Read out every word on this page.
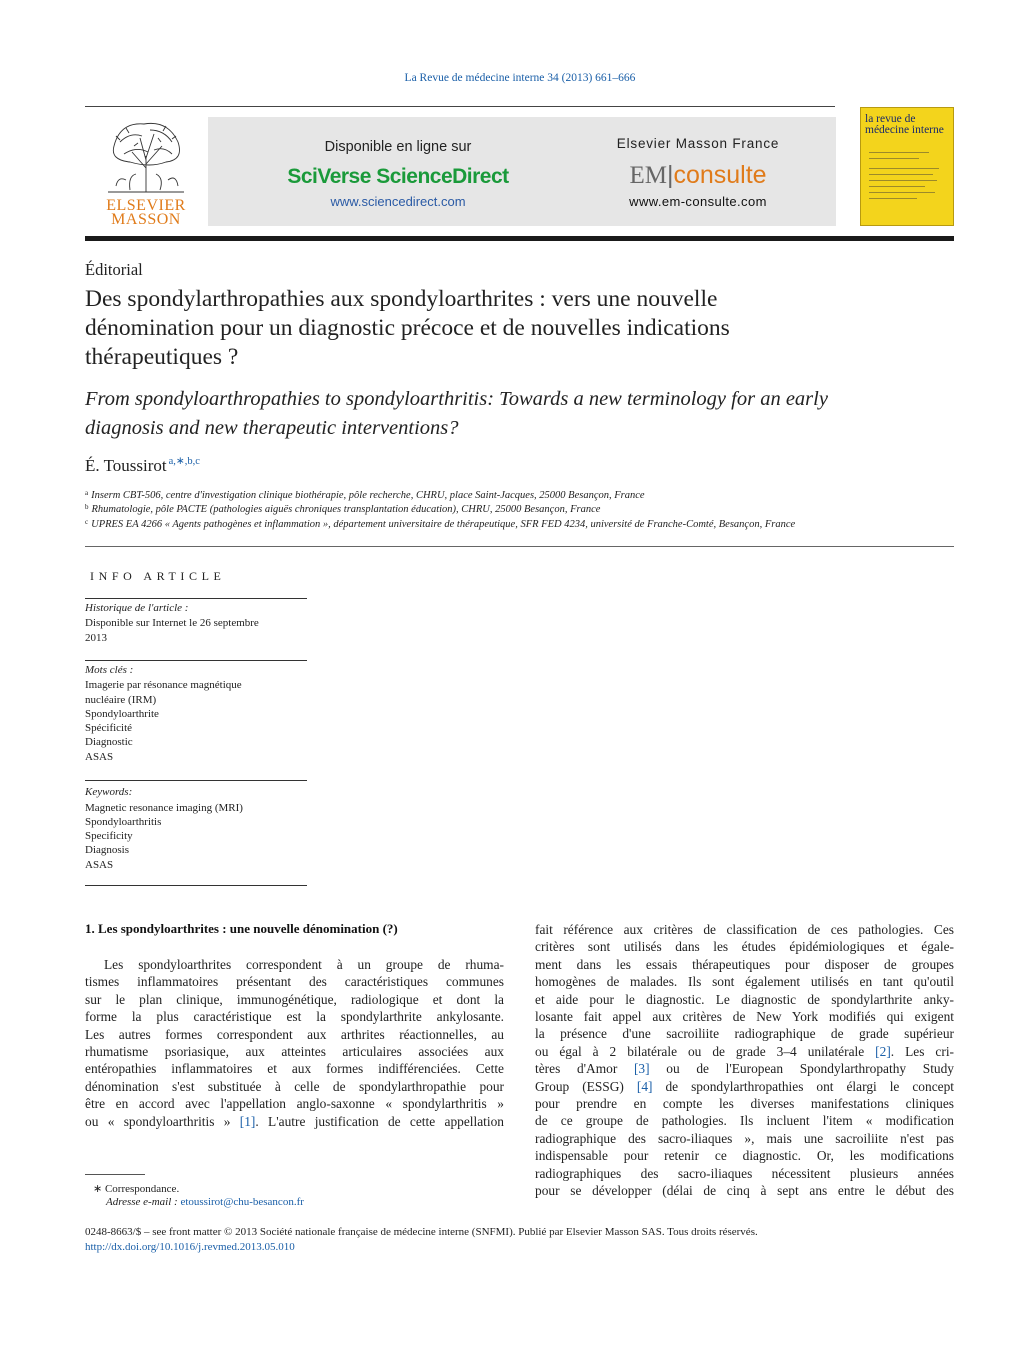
La Revue de médecine interne 34 (2013) 661–666
ELSEVIER
MASSON
Disponible en ligne sur
SciVerse ScienceDirect
www.sciencedirect.com
Elsevier Masson France
EM|consulte
www.em-consulte.com
la revue de médecine interne
Éditorial
Des spondylarthropathies aux spondyloarthrites : vers une nouvelle
dénomination pour un diagnostic précoce et de nouvelles indications
thérapeutiques ?
From spondyloarthropathies to spondyloarthritis: Towards a new terminology for an early
diagnosis and new therapeutic interventions?
É. Toussirot $^{a,∗,b,c}$
$^a$ Inserm CBT-506, centre d'investigation clinique biothérapie, pôle recherche, CHRU, place Saint-Jacques, 25000 Besançon, France
$^b$ Rhumatologie, pôle PACTE (pathologies aiguës chroniques transplantation éducation), CHRU, 25000 Besançon, France
$^c$ UPRES EA 4266 « Agents pathogènes et inflammation », département universitaire de thérapeutique, SFR FED 4234, université de Franche-Comté, Besançon, France
INFO ARTICLE
Historique de l'article :
Disponible sur Internet le 26 septembre
2013
Mots clés :
Imagerie par résonance magnétique
nucléaire (IRM)
Spondyloarthrite
Spécificité
Diagnostic
ASAS
Keywords:
Magnetic resonance imaging (MRI)
Spondyloarthritis
Specificity
Diagnosis
ASAS
1. Les spondyloarthrites : une nouvelle dénomination (?)
Les spondyloarthrites correspondent à un groupe de rhuma-
tismes inflammatoires présentant des caractéristiques communes
sur le plan clinique, immunogénétique, radiologique et dont la
forme la plus caractéristique est la spondylarthrite ankylosante.
Les autres formes correspondent aux arthrites réactionnelles, au
rhumatisme psoriasique, aux atteintes articulaires associées aux
entéropathies inflammatoires et aux formes indifférenciées. Cette
dénomination s'est substituée à celle de spondylarthropathie pour
être en accord avec l'appellation anglo-saxonne « spondylarthritis »
ou « spondyloarthritis » [1]. L'autre justification de cette appellation
fait référence aux critères de classification de ces pathologies. Ces
critères sont utilisés dans les études épidémiologiques et égale-
ment dans les essais thérapeutiques pour disposer de groupes
homogènes de malades. Ils sont également utilisés en tant qu'outil
et aide pour le diagnostic. Le diagnostic de spondylarthrite anky-
losante fait appel aux critères de New York modifiés qui exigent
la présence d'une sacroiliite radiographique de grade supérieur
ou égal à 2 bilatérale ou de grade 3–4 unilatérale [2]. Les cri-
tères d'Amor [3] ou de l'European Spondylarthropathy Study
Group (ESSG) [4] de spondylarthropathies ont élargi le concept
pour prendre en compte les diverses manifestations cliniques
de ce groupe de pathologies. Ils incluent l'item « modification
radiographique des sacro-iliaques », mais une sacroiliite n'est pas
indispensable pour retenir ce diagnostic. Or, les modifications
radiographiques des sacro-iliaques nécessitent plusieurs années
pour se développer (délai de cinq à sept ans entre le début des
∗ Correspondance.
Adresse e-mail : etoussirot@chu-besancon.fr
0248-8663/$ – see front matter © 2013 Société nationale française de médecine interne (SNFMI). Publié par Elsevier Masson SAS. Tous droits réservés.
http://dx.doi.org/10.1016/j.revmed.2013.05.010
